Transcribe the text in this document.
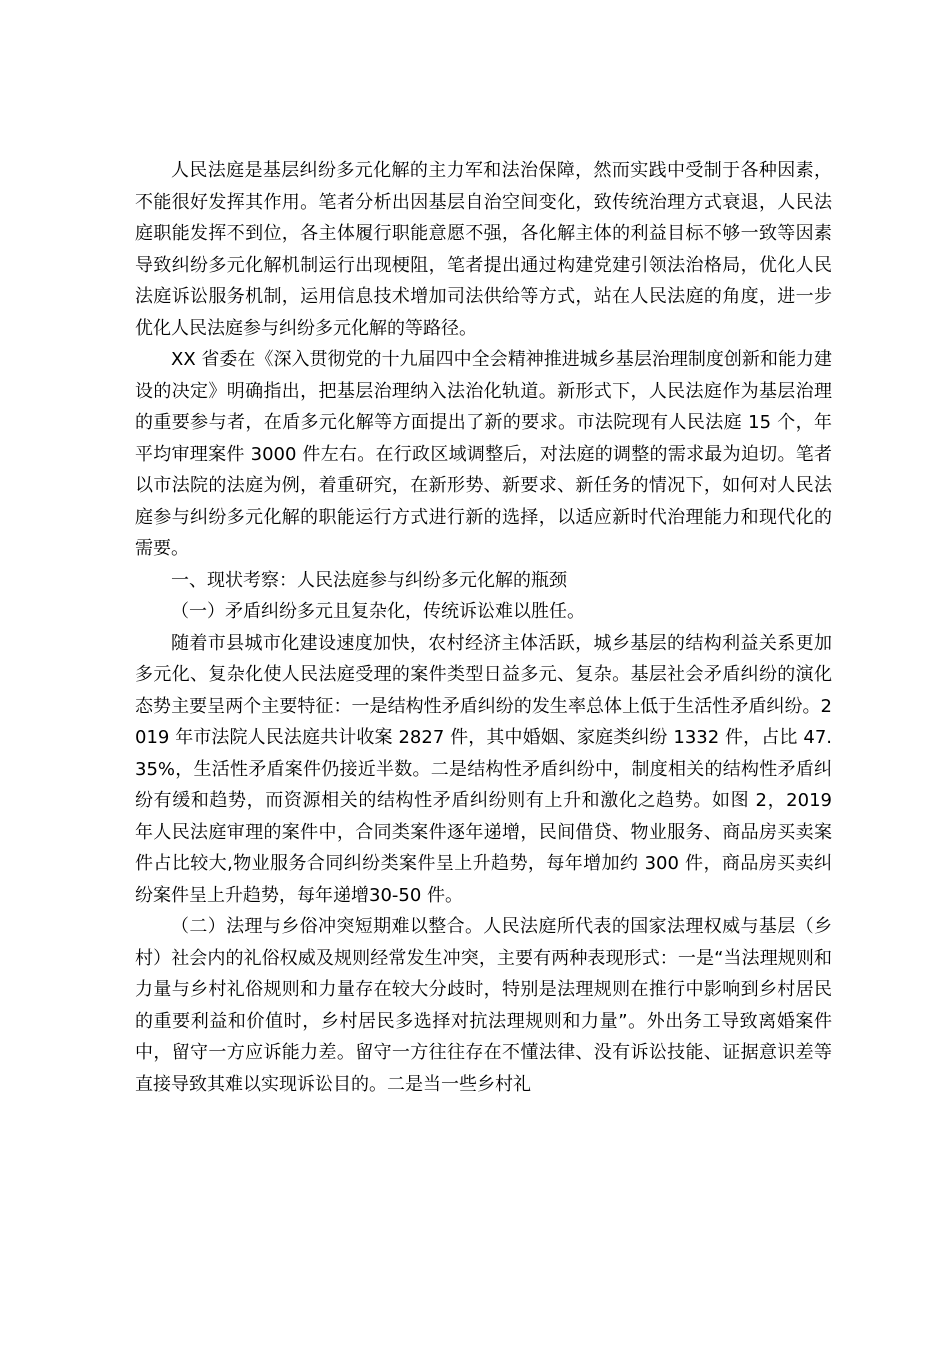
人民法庭是基层纠纷多元化解的主力军和法治保障，然而实践中受制于各种因素，不能很好发挥其作用。笔者分析出因基层自治空间变化，致传统治理方式衰退，人民法庭职能发挥不到位，各主体履行职能意愿不强，各化解主体的利益目标不够一致等因素导致纠纷多元化解机制运行出现梗阻，笔者提出通过构建党建引领法治格局，优化人民法庭诉讼服务机制，运用信息技术增加司法供给等方式，站在人民法庭的角度，进一步优化人民法庭参与纠纷多元化解的等路径。

XX 省委在《深入贯彻党的十九届四中全会精神推进城乡基层治理制度创新和能力建设的决定》明确指出，把基层治理纳入法治化轨道。新形式下，人民法庭作为基层治理的重要参与者，在盾多元化解等方面提出了新的要求。市法院现有人民法庭 15 个，年平均审理案件 3000 件左右。在行政区域调整后，对法庭的调整的需求最为迫切。笔者以市法院的法庭为例，着重研究，在新形势、新要求、新任务的情况下，如何对人民法庭参与纠纷多元化解的职能运行方式进行新的选择，以适应新时代治理能力和现代化的需要。

一、现状考察：人民法庭参与纠纷多元化解的瓶颈

（一）矛盾纠纷多元且复杂化，传统诉讼难以胜任。

随着市县城市化建设速度加快，农村经济主体活跃，城乡基层的结构利益关系更加多元化、复杂化使人民法庭受理的案件类型日益多元、复杂。基层社会矛盾纠纷的演化态势主要呈两个主要特征：一是结构性矛盾纠纷的发生率总体上低于生活性矛盾纠纷。2019 年市法院人民法庭共计收案 2827 件，其中婚姻、家庭类纠纷 1332 件，占比 47.35%，生活性矛盾案件仍接近半数。二是结构性矛盾纠纷中，制度相关的结构性矛盾纠纷有缓和趋势，而资源相关的结构性矛盾纠纷则有上升和激化之趋势。如图 2，2019 年人民法庭审理的案件中，合同类案件逐年递增，民间借贷、物业服务、商品房买卖案件占比较大,物业服务合同纠纷类案件呈上升趋势，每年增加约 300 件，商品房买卖纠纷案件呈上升趋势，每年递增30-50 件。

（二）法理与乡俗冲突短期难以整合。人民法庭所代表的国家法理权威与基层（乡村）社会内的礼俗权威及规则经常发生冲突，主要有两种表现形式：一是“当法理规则和力量与乡村礼俗规则和力量存在较大分歧时，特别是法理规则在推行中影响到乡村居民的重要利益和价值时，乡村居民多选择对抗法理规则和力量”。外出务工导致离婚案件中，留守一方应诉能力差。留守一方往往存在不懂法律、没有诉讼技能、证据意识差等直接导致其难以实现诉讼目的。二是当一些乡村礼
